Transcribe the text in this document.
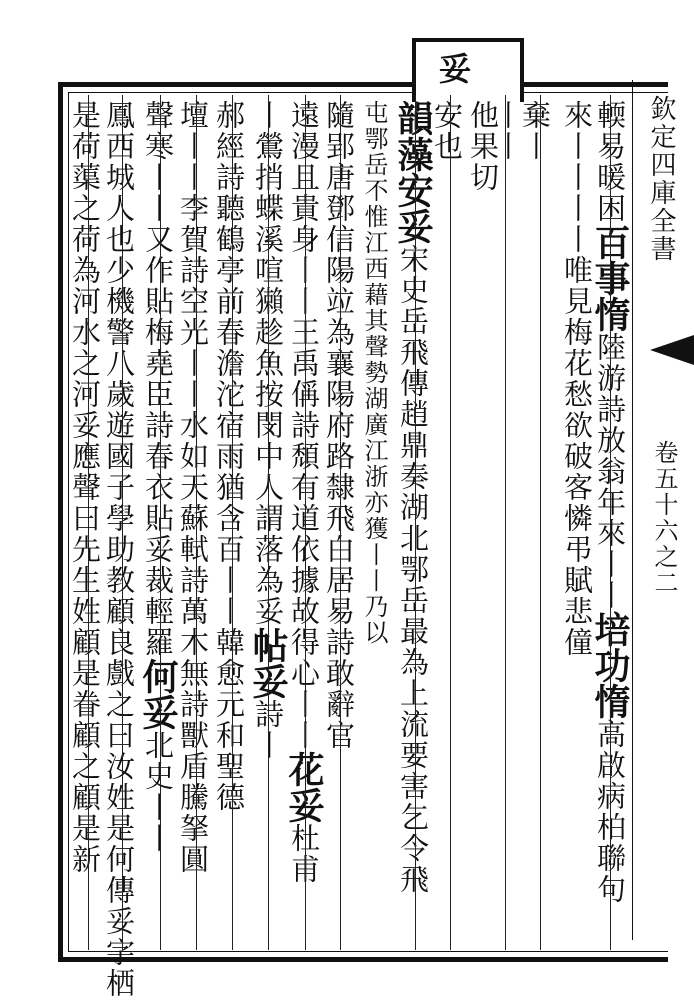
妥
欽定四庫全書
卷五十六之二
輭易暖困百事惰陸游詩放翁年來丨丨培功惰高啟病柏聯句
來丨丨丨丨唯見梅花愁欲破客憐弔賦悲僮
棄丨
丨丨
他果切
安也
韻藻安妥宋史岳飛傳趙鼎奏湖北鄂岳最為上流要害乞令飛
屯鄂岳不惟江西藉其聲勢湖廣江浙亦獲丨丨乃以
隨郢唐鄧信陽竝為襄陽府路隸飛白居易詩敢辭官
遠漫且貴身丨丨王禹偁詩頹有道依據故得心丨丨花妥杜甫
丨鶯捎蝶溪喧獺趁魚按閔中人謂落為妥帖妥詩丨
郝經詩聽鶴亭前春澹沱宿雨猶含百丨丨韓愈元和聖德
壇丨丨李賀詩空光丨丨水如天蘇軾詩萬木無詩獸盾騰拏圓
聲寒丨丨又作貼梅堯臣詩春衣貼妥裁輕羅何妥北史丨丨
鳳西城人也少機警八歲遊國子學助教顧良戲之曰汝姓是何傳妥字栖
是荷蕖之荷為河水之河妥應聲曰先生姓顧是眷顧之顧是新
